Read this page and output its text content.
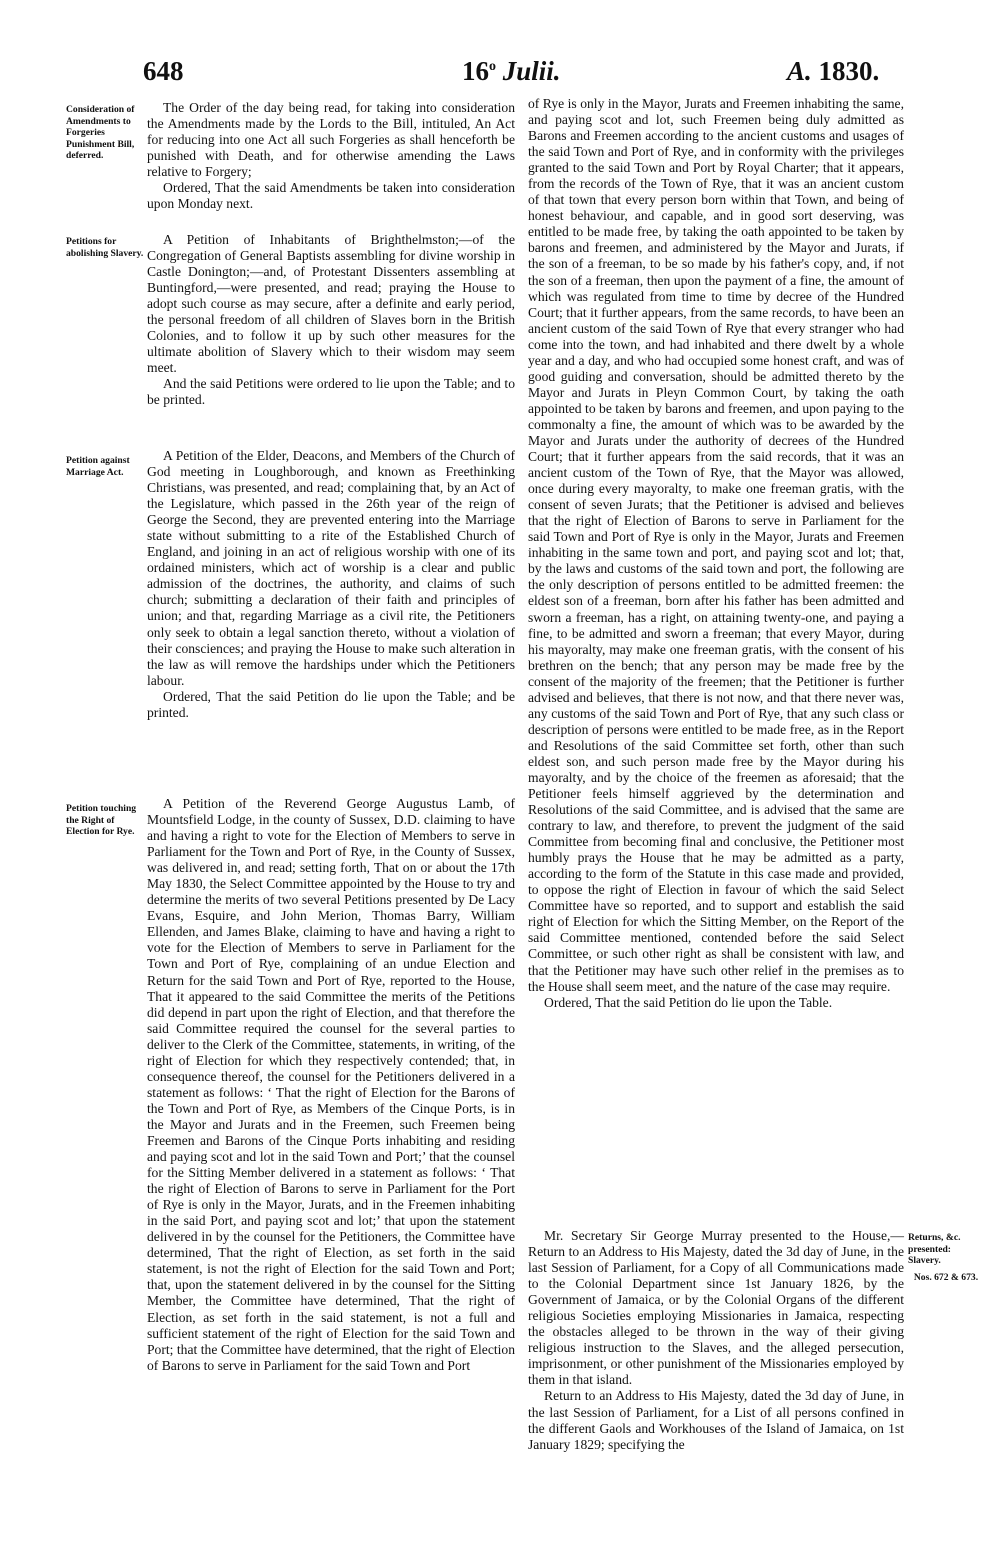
648	16$^o$ Julii.	A. 1830.
Consideration of Amendments to Forgeries Punishment Bill, deferred.
Petitions for abolishing Slavery.
Petition against Marriage Act.
Petition touching the Right of Election for Rye.
Returns, &c. presented: Slavery.
Nos. 672 & 673.

The Order of the day being read, for taking into consideration the Amendments made by the Lords to the Bill, intituled, An Act for reducing into one Act all such Forgeries as shall henceforth be punished with Death, and for otherwise amending the Laws relative to Forgery;

Ordered, That the said Amendments be taken into consideration upon Monday next.

A Petition of Inhabitants of Brighthelmston;—of the Congregation of General Baptists assembling for divine worship in Castle Donington;—and, of Protestant Dissenters assembling at Buntingford,—were presented, and read; praying the House to adopt such course as may secure, after a definite and early period, the personal freedom of all children of Slaves born in the British Colonies, and to follow it up by such other measures for the ultimate abolition of Slavery which to their wisdom may seem meet.

And the said Petitions were ordered to lie upon the Table; and to be printed.

A Petition of the Elder, Deacons, and Members of the Church of God meeting in Loughborough, and known as Freethinking Christians, was presented, and read; complaining that, by an Act of the Legislature, which passed in the 26th year of the reign of George the Second, they are prevented entering into the Marriage state without submitting to a rite of the Established Church of England, and joining in an act of religious worship with one of its ordained ministers, which act of worship is a clear and public admission of the doctrines, the authority, and claims of such church; submitting a declaration of their faith and principles of union; and that, regarding Marriage as a civil rite, the Petitioners only seek to obtain a legal sanction thereto, without a violation of their consciences; and praying the House to make such alteration in the law as will remove the hardships under which the Petitioners labour.

Ordered, That the said Petition do lie upon the Table; and be printed.

A Petition of the Reverend George Augustus Lamb, of Mountsfield Lodge, in the county of Sussex, D.D. claiming to have and having a right to vote for the Election of Members to serve in Parliament for the Town and Port of Rye, in the County of Sussex, was delivered in, and read; setting forth, That on or about the 17th May 1830, the Select Committee appointed by the House to try and determine the merits of two several Petitions presented by De Lacy Evans, Esquire, and John Merion, Thomas Barry, William Ellenden, and James Blake, claiming to have and having a right to vote for the Election of Members to serve in Parliament for the Town and Port of Rye, complaining of an undue Election and Return for the said Town and Port of Rye, reported to the House, That it appeared to the said Committee the merits of the Petitions did depend in part upon the right of Election, and that therefore the said Committee required the counsel for the several parties to deliver to the Clerk of the Committee, statements, in writing, of the right of Election for which they respectively contended; that, in consequence thereof, the counsel for the Petitioners delivered in a statement as follows: ‘ That the right of Election for the Barons of the Town and Port of Rye, as Members of the Cinque Ports, is in the Mayor and Jurats and in the Freemen, such Freemen being Freemen and Barons of the Cinque Ports inhabiting and residing and paying scot and lot in the said Town and Port;’ that the counsel for the Sitting Member delivered in a statement as follows: ‘ That the right of Election of Barons to serve in Parliament for the Port of Rye is only in the Mayor, Jurats, and in the Freemen inhabiting in the said Port, and paying scot and lot;’ that upon the statement delivered in by the counsel for the Petitioners, the Committee have determined, That the right of Election, as set forth in the said statement, is not the right of Election for the said Town and Port; that, upon the statement delivered in by the counsel for the Sitting Member, the Committee have determined, That the right of Election, as set forth in the said statement, is not a full and sufficient statement of the right of Election for the said Town and Port; that the Committee have determined, that the right of Election of Barons to serve in Parliament for the said Town and Port

of Rye is only in the Mayor, Jurats and Freemen inhabiting the same, and paying scot and lot, such Freemen being duly admitted as Barons and Freemen according to the ancient customs and usages of the said Town and Port of Rye, and in conformity with the privileges granted to the said Town and Port by Royal Charter; that it appears, from the records of the Town of Rye, that it was an ancient custom of that town that every person born within that Town, and being of honest behaviour, and capable, and in good sort deserving, was entitled to be made free, by taking the oath appointed to be taken by barons and freemen, and administered by the Mayor and Jurats, if the son of a freeman, to be so made by his father's copy, and, if not the son of a freeman, then upon the payment of a fine, the amount of which was regulated from time to time by decree of the Hundred Court; that it further appears, from the same records, to have been an ancient custom of the said Town of Rye that every stranger who had come into the town, and had inhabited and there dwelt by a whole year and a day, and who had occupied some honest craft, and was of good guiding and conversation, should be admitted thereto by the Mayor and Jurats in Pleyn Common Court, by taking the oath appointed to be taken by barons and freemen, and upon paying to the commonalty a fine, the amount of which was to be awarded by the Mayor and Jurats under the authority of decrees of the Hundred Court; that it further appears from the said records, that it was an ancient custom of the Town of Rye, that the Mayor was allowed, once during every mayoralty, to make one freeman gratis, with the consent of seven Jurats; that the Petitioner is advised and believes that the right of Election of Barons to serve in Parliament for the said Town and Port of Rye is only in the Mayor, Jurats and Freemen inhabiting in the same town and port, and paying scot and lot; that, by the laws and customs of the said town and port, the following are the only description of persons entitled to be admitted freemen: the eldest son of a freeman, born after his father has been admitted and sworn a freeman, has a right, on attaining twenty-one, and paying a fine, to be admitted and sworn a freeman; that every Mayor, during his mayoralty, may make one freeman gratis, with the consent of his brethren on the bench; that any person may be made free by the consent of the majority of the freemen; that the Petitioner is further advised and believes, that there is not now, and that there never was, any customs of the said Town and Port of Rye, that any such class or description of persons were entitled to be made free, as in the Report and Resolutions of the said Committee set forth, other than such eldest son, and such person made free by the Mayor during his mayoralty, and by the choice of the freemen as aforesaid; that the Petitioner feels himself aggrieved by the determination and Resolutions of the said Committee, and is advised that the same are contrary to law, and therefore, to prevent the judgment of the said Committee from becoming final and conclusive, the Petitioner most humbly prays the House that he may be admitted as a party, according to the form of the Statute in this case made and provided, to oppose the right of Election in favour of which the said Select Committee have so reported, and to support and establish the said right of Election for which the Sitting Member, on the Report of the said Committee mentioned, contended before the said Select Committee, or such other right as shall be consistent with law, and that the Petitioner may have such other relief in the premises as to the House shall seem meet, and the nature of the case may require.

Ordered, That the said Petition do lie upon the Table.

Mr. Secretary Sir George Murray presented to the House,—Return to an Address to His Majesty, dated the 3d day of June, in the last Session of Parliament, for a Copy of all Communications made to the Colonial Department since 1st January 1826, by the Government of Jamaica, or by the Colonial Organs of the different religious Societies employing Missionaries in Jamaica, respecting the obstacles alleged to be thrown in the way of their giving religious instruction to the Slaves, and the alleged persecution, imprisonment, or other punishment of the Missionaries employed by them in that island.

Return to an Address to His Majesty, dated the 3d day of June, in the last Session of Parliament, for a List of all persons confined in the different Gaols and Workhouses of the Island of Jamaica, on 1st January 1829; specifying the
